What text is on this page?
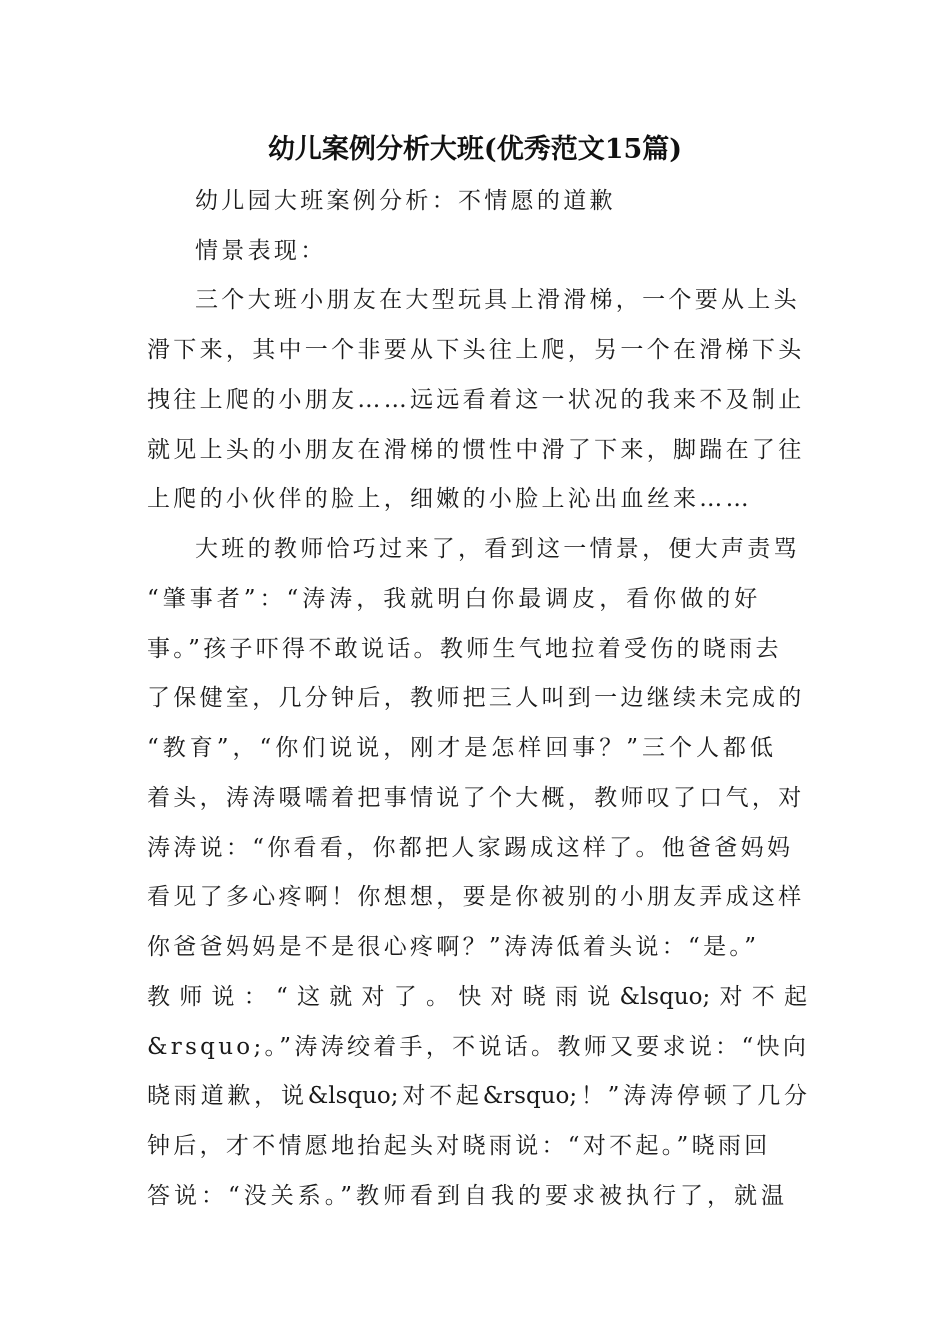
幼儿案例分析大班(优秀范文15篇)

幼儿园大班案例分析：不情愿的道歉

情景表现：

三个大班小朋友在大型玩具上滑滑梯，一个要从上头

滑下来，其中一个非要从下头往上爬，另一个在滑梯下头

拽往上爬的小朋友……远远看着这一状况的我来不及制止

就见上头的小朋友在滑梯的惯性中滑了下来，脚踹在了往

上爬的小伙伴的脸上，细嫩的小脸上沁出血丝来……

大班的教师恰巧过来了，看到这一情景，便大声责骂

“肇事者”：“涛涛，我就明白你最调皮，看你做的好

事。”孩子吓得不敢说话。教师生气地拉着受伤的晓雨去

了保健室，几分钟后，教师把三人叫到一边继续未完成的

“教育”，“你们说说，刚才是怎样回事？”三个人都低

着头，涛涛嗫嚅着把事情说了个大概，教师叹了口气，对

涛涛说：“你看看，你都把人家踢成这样了。他爸爸妈妈

看见了多心疼啊！你想想，要是你被别的小朋友弄成这样

你爸爸妈妈是不是很心疼啊？”涛涛低着头说：“是。”

教师说：“这就对了。快对晓雨说&lsquo;对不起

&rsquo;。”涛涛绞着手，不说话。教师又要求说：“快向

晓雨道歉，说&lsquo;对不起&rsquo;！”涛涛停顿了几分

钟后，才不情愿地抬起头对晓雨说：“对不起。”晓雨回

答说：“没关系。”教师看到自我的要求被执行了，就温
